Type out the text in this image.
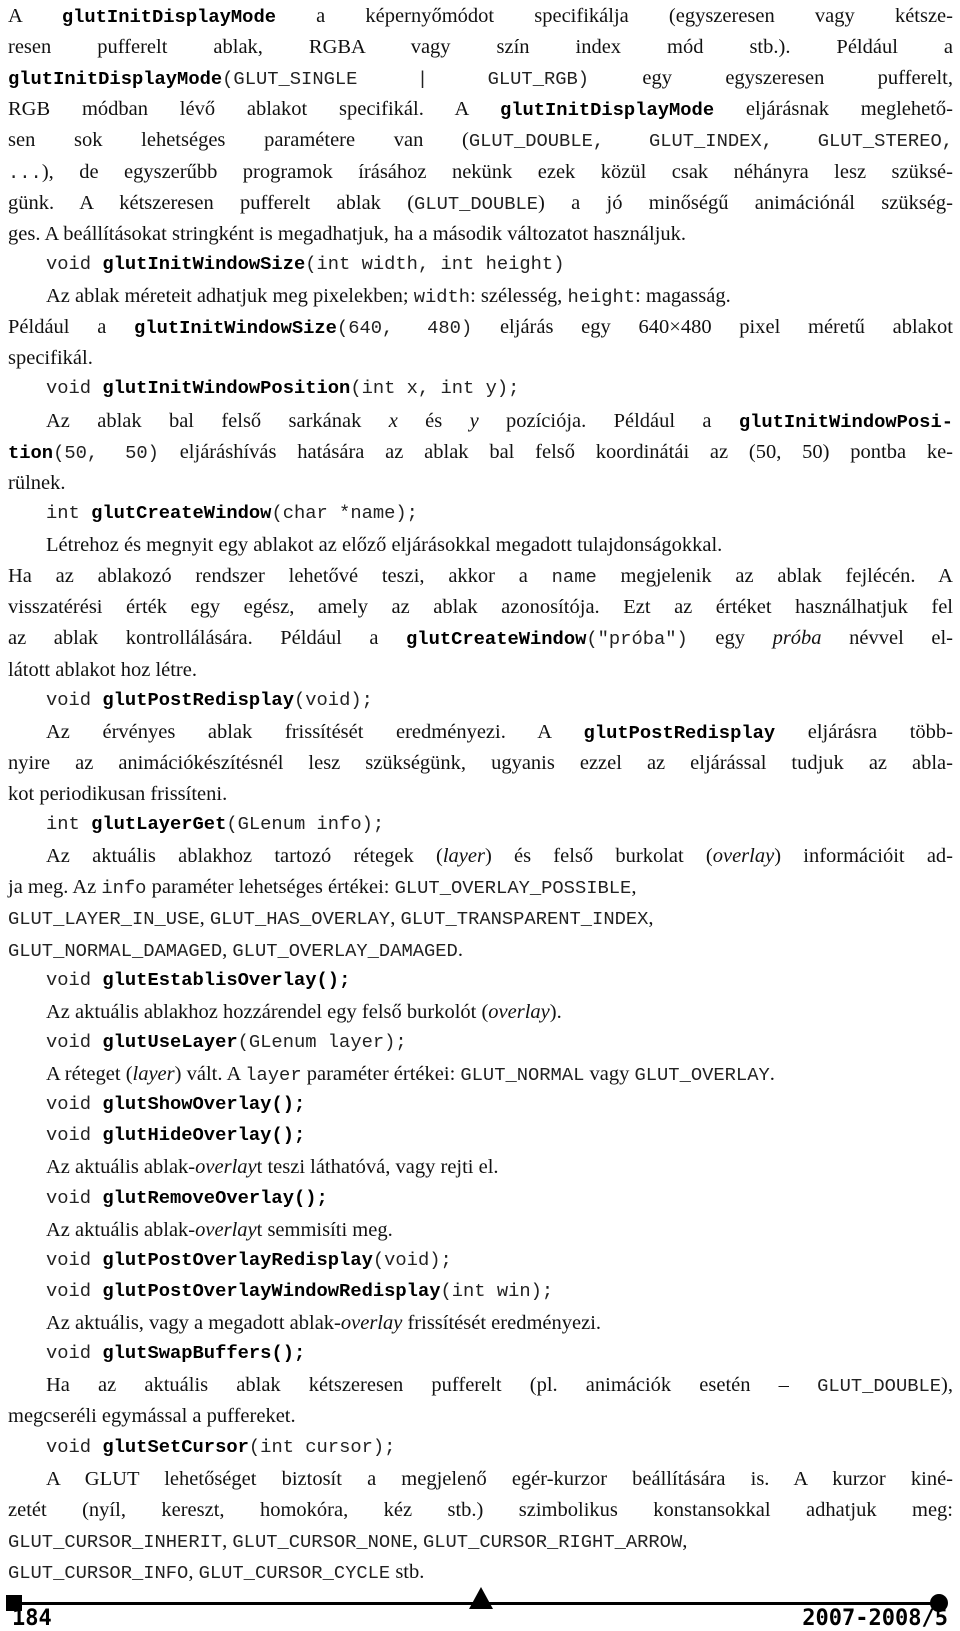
A glutInitDisplayMode a képernyőmódot specifikálja (egyszeresen vagy kétsze-
resen pufferelt ablak, RGBA vagy szín index mód stb.). Például a
glutInitDisplayMode(GLUT_SINGLE | GLUT_RGB) egy egyszeresen pufferelt,
RGB módban lévő ablakot specifikál. A glutInitDisplayMode eljárásnak meglehető-
sen sok lehetséges paramétere van (GLUT_DOUBLE, GLUT_INDEX, GLUT_STEREO,
...), de egyszerűbb programok írásához nekünk ezek közül csak néhányra lesz szüksé-
günk. A kétszeresen pufferelt ablak (GLUT_DOUBLE) a jó minőségű animációnál szükség-
ges. A beállításokat stringként is megadhatjuk, ha a második változatot használjuk.
void glutInitWindowSize(int width, int height)
Az ablak méreteit adhatjuk meg pixelekben; width: szélesség, height: magasság.
Például a glutInitWindowSize(640, 480) eljárás egy 640×480 pixel méretű ablakot
specifikál.
void glutInitWindowPosition(int x, int y);
Az ablak bal felső sarkának x és y pozíciója. Például a glutInitWindowPosi-
tion(50, 50) eljáráshívás hatására az ablak bal felső koordinátái az (50, 50) pontba ke-
rülnek.
int glutCreateWindow(char *name);
Létrehoz és megnyit egy ablakot az előző eljárásokkal megadott tulajdonságokkal.
Ha az ablakozó rendszer lehetővé teszi, akkor a name megjelenik az ablak fejlécén. A
visszatérési érték egy egész, amely az ablak azonosítója. Ezt az értéket használhatjuk fel
az ablak kontrollálására. Például a glutCreateWindow("próba") egy próba névvel el-
látott ablakot hoz létre.
void glutPostRedisplay(void);
Az érvényes ablak frissítését eredményezi. A glutPostRedisplay eljárásra több-
nyire az animációkészítésnél lesz szükségünk, ugyanis ezzel az eljárással tudjuk az abla-
kot periodikusan frissíteni.
int glutLayerGet(GLenum info);
Az aktuális ablakhoz tartozó rétegek (layer) és felső burkolat (overlay) információit ad-
ja meg. Az info paraméter lehetséges értékei: GLUT_OVERLAY_POSSIBLE,
GLUT_LAYER_IN_USE, GLUT_HAS_OVERLAY, GLUT_TRANSPARENT_INDEX,
GLUT_NORMAL_DAMAGED, GLUT_OVERLAY_DAMAGED.
void glutEstablisOverlay();
Az aktuális ablakhoz hozzárendel egy felső burkolót (overlay).
void glutUseLayer(GLenum layer);
A réteget (layer) vált. A layer paraméter értékei: GLUT_NORMAL vagy GLUT_OVERLAY.
void glutShowOverlay();
void glutHideOverlay();
Az aktuális ablak-overlayt teszi láthatóvá, vagy rejti el.
void glutRemoveOverlay();
Az aktuális ablak-overlayt semmisíti meg.
void glutPostOverlayRedisplay(void);
void glutPostOverlayWindowRedisplay(int win);
Az aktuális, vagy a megadott ablak-overlay frissítését eredményezi.
void glutSwapBuffers();
Ha az aktuális ablak kétszeresen pufferelt (pl. animációk esetén – GLUT_DOUBLE),
megcseréli egymással a puffereket.
void glutSetCursor(int cursor);
A GLUT lehetőséget biztosít a megjelenő egér-kurzor beállítására is. A kurzor kiné-
zetét (nyíl, kereszt, homokóra, kéz stb.) szimbolikus konstansokkal adhatjuk meg:
GLUT_CURSOR_INHERIT, GLUT_CURSOR_NONE, GLUT_CURSOR_RIGHT_ARROW,
GLUT_CURSOR_INFO, GLUT_CURSOR_CYCLE stb.
184	2007-2008/5
